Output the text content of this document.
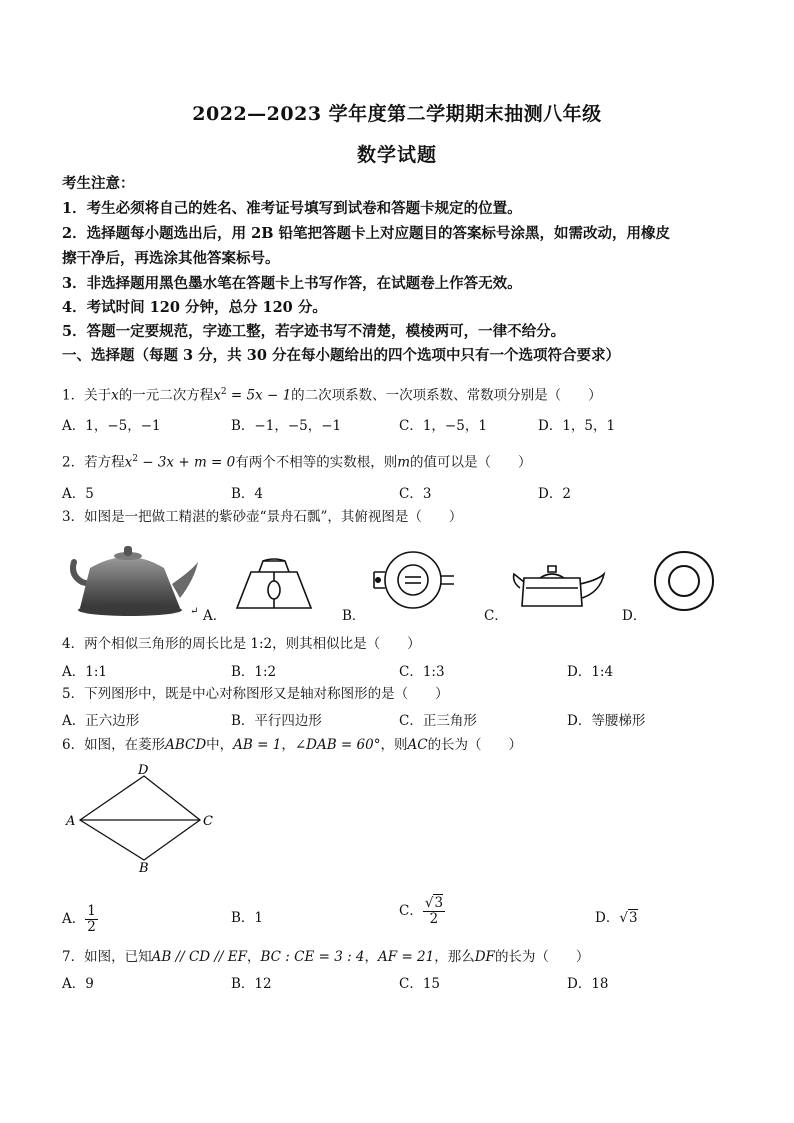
2022—2023 学年度第二学期期末抽测八年级
数学试题
考生注意：
1．考生必须将自己的姓名、准考证号填写到试卷和答题卡规定的位置。
2．选择题每小题选出后，用 2B 铅笔把答题卡上对应题目的答案标号涂黑，如需改动，用橡皮
擦干净后，再选涂其他答案标号。
3．非选择题用黑色墨水笔在答题卡上书写作答，在试题卷上作答无效。
4．考试时间 120 分钟，总分 120 分。
5．答题一定要规范，字迹工整，若字迹书写不清楚，模棱两可，一律不给分。
一、选择题（每题 3 分，共 30 分在每小题给出的四个选项中只有一个选项符合要求）
1．关于x的一元二次方程$x^2 = 5x - 1$的二次项系数、一次项系数、常数项分别是（　　）
A．1，−5，−1	B．−1，−5，−1	C．1，−5，1	D．1，5，1
2．若方程$x^2 - 3x + m = 0$有两个不相等的实数根，则m的值可以是（　　）
A．5	B．4	C．3	D．2
3．如图是一把做工精湛的紫砂壶“景舟石瓢”，其俯视图是（　　）
↵ A．	B．	C．	D．
4．两个相似三角形的周长比是 1:2，则其相似比是（　　）
A．1:1	B．1:2	C．1:3	D．1:4
5．下列图形中，既是中心对称图形又是轴对称图形的是（　　）
A．正六边形	B．平行四边形	C．正三角形	D．等腰梯形
6．如图，在菱形ABCD中，AB = 1，∠DAB = 60°，则AC的长为（　　）
D
A	C
B
A． $\frac{1}{2}$	B．1	C． $\frac{√3}{2}$	D．√3
7．如图，已知AB // CD // EF，BC : CE = 3 : 4，AF = 21，那么DF的长为（　　）
A．9	B．12	C．15	D．18
